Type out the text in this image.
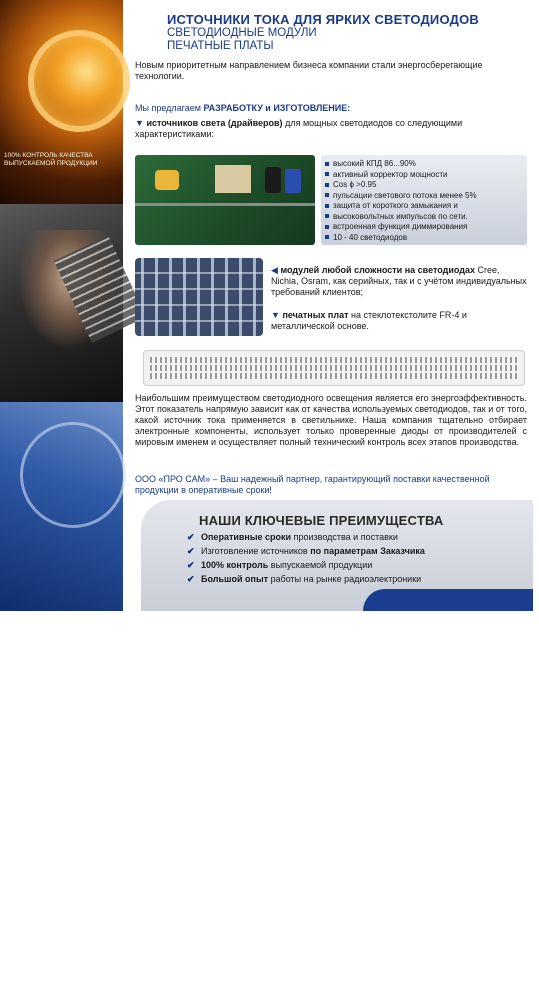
100% КОНТРОЛЬ КАЧЕСТВА ВЫПУСКАЕМОЙ ПРОДУКЦИИ
ОПЕРАТИВНЫЕ СРОКИ ПРОИЗВОДСТВА И ПОСТАВКИ
ИСТОЧНИКИ ТОКА ДЛЯ ЯРКИХ СВЕТОДИОДОВ
СВЕТОДИОДНЫЕ МОДУЛИ
ПЕЧАТНЫЕ ПЛАТЫ
Новым приоритетным направлением бизнеса компании стали энергосберегающие технологии.
Мы предлагаем РАЗРАБОТКУ и ИЗГОТОВЛЕНИЕ:
▼ источников света (драйверов) для мощных светодиодов со следующими характеристиками:
высокий КПД 86...90%
активный корректор мощности
Cos ϕ >0.95
пульсации светового потока менее 5%
защита от короткого замыкания и
высоковольтных импульсов по сети.
встроенная функция диммирования
10 - 40 светодиодов
◀ модулей любой сложности на светодиодах Cree, Nichia, Osram, как серийных, так и с учётом индивидуальных требований клиентов;
▼ печатных плат на стеклотекстолите FR-4 и металлической основе.
Наибольшим преимуществом светодиодного освещения является его энергоэффективность. Этот показатель напрямую зависит как от качества используемых светодиодов, так и от того, какой источник тока применяется в светильнике. Наша компания тщательно отбирает электронные компоненты, использует только проверенные диоды от производителей с мировым именем и осуществляет полный технический контроль всех этапов производства.
ООО «ПРО САМ» – Ваш надежный партнер, гарантирующий поставки качественной продукции в оперативные сроки!
НАШИ КЛЮЧЕВЫЕ ПРЕИМУЩЕСТВА
✔ Оперативные сроки производства и поставки
✔ Изготовление источников по параметрам Заказчика
✔ 100% контроль выпускаемой продукции
✔ Большой опыт работы на рынке радиоэлектроники
